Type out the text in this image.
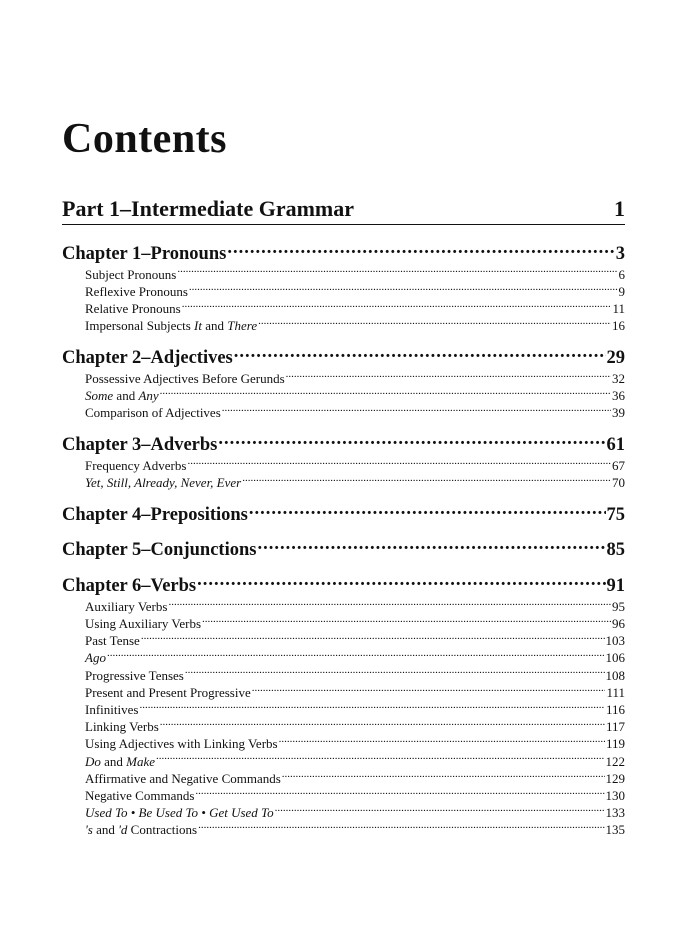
Contents
Part 1–Intermediate Grammar	1
Chapter 1–Pronouns .....	3
Subject Pronouns .....	6
Reflexive Pronouns .....	9
Relative Pronouns .....	11
Impersonal Subjects It and There .....	16
Chapter 2–Adjectives .....	29
Possessive Adjectives Before Gerunds .....	32
Some and Any .....	36
Comparison of Adjectives .....	39
Chapter 3–Adverbs .....	61
Frequency Adverbs .....	67
Yet, Still, Already, Never, Ever .....	70
Chapter 4–Prepositions .....	75
Chapter 5–Conjunctions .....	85
Chapter 6–Verbs .....	91
Auxiliary Verbs .....	95
Using Auxiliary Verbs .....	96
Past Tense .....	103
Ago .....	106
Progressive Tenses .....	108
Present and Present Progressive .....	111
Infinitives .....	116
Linking Verbs .....	117
Using Adjectives with Linking Verbs .....	119
Do and Make .....	122
Affirmative and Negative Commands .....	129
Negative Commands .....	130
Used To • Be Used To • Get Used To .....	133
's and 'd Contractions .....	135
